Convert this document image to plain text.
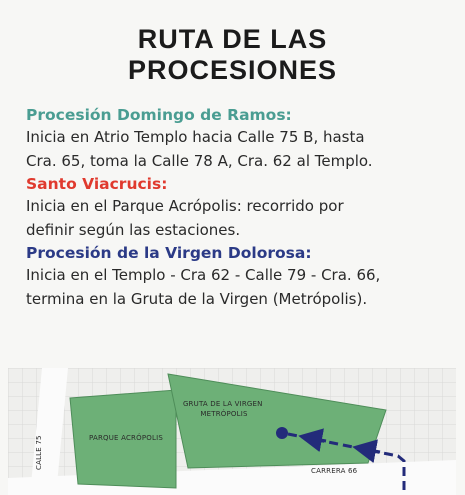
RUTA DE LAS
PROCESIONES

Procesión Domingo de Ramos:

Inicia en Atrio Templo hacia Calle 75 B, hasta

Cra. 65, toma la Calle 78 A, Cra. 62 al Templo.

Santo Viacrucis:

Inicia en el Parque Acrópolis: recorrido por

definir según las estaciones.

Procesión de la Virgen Dolorosa:

Inicia en el Templo - Cra 62 - Calle 79 - Cra. 66,

termina en la Gruta de la Virgen (Metrópolis).

GRUTA DE LA VIRGEN METRÓPOLIS
PARQUE ACRÓPOLIS
CALLE 75
CARRERA 66
